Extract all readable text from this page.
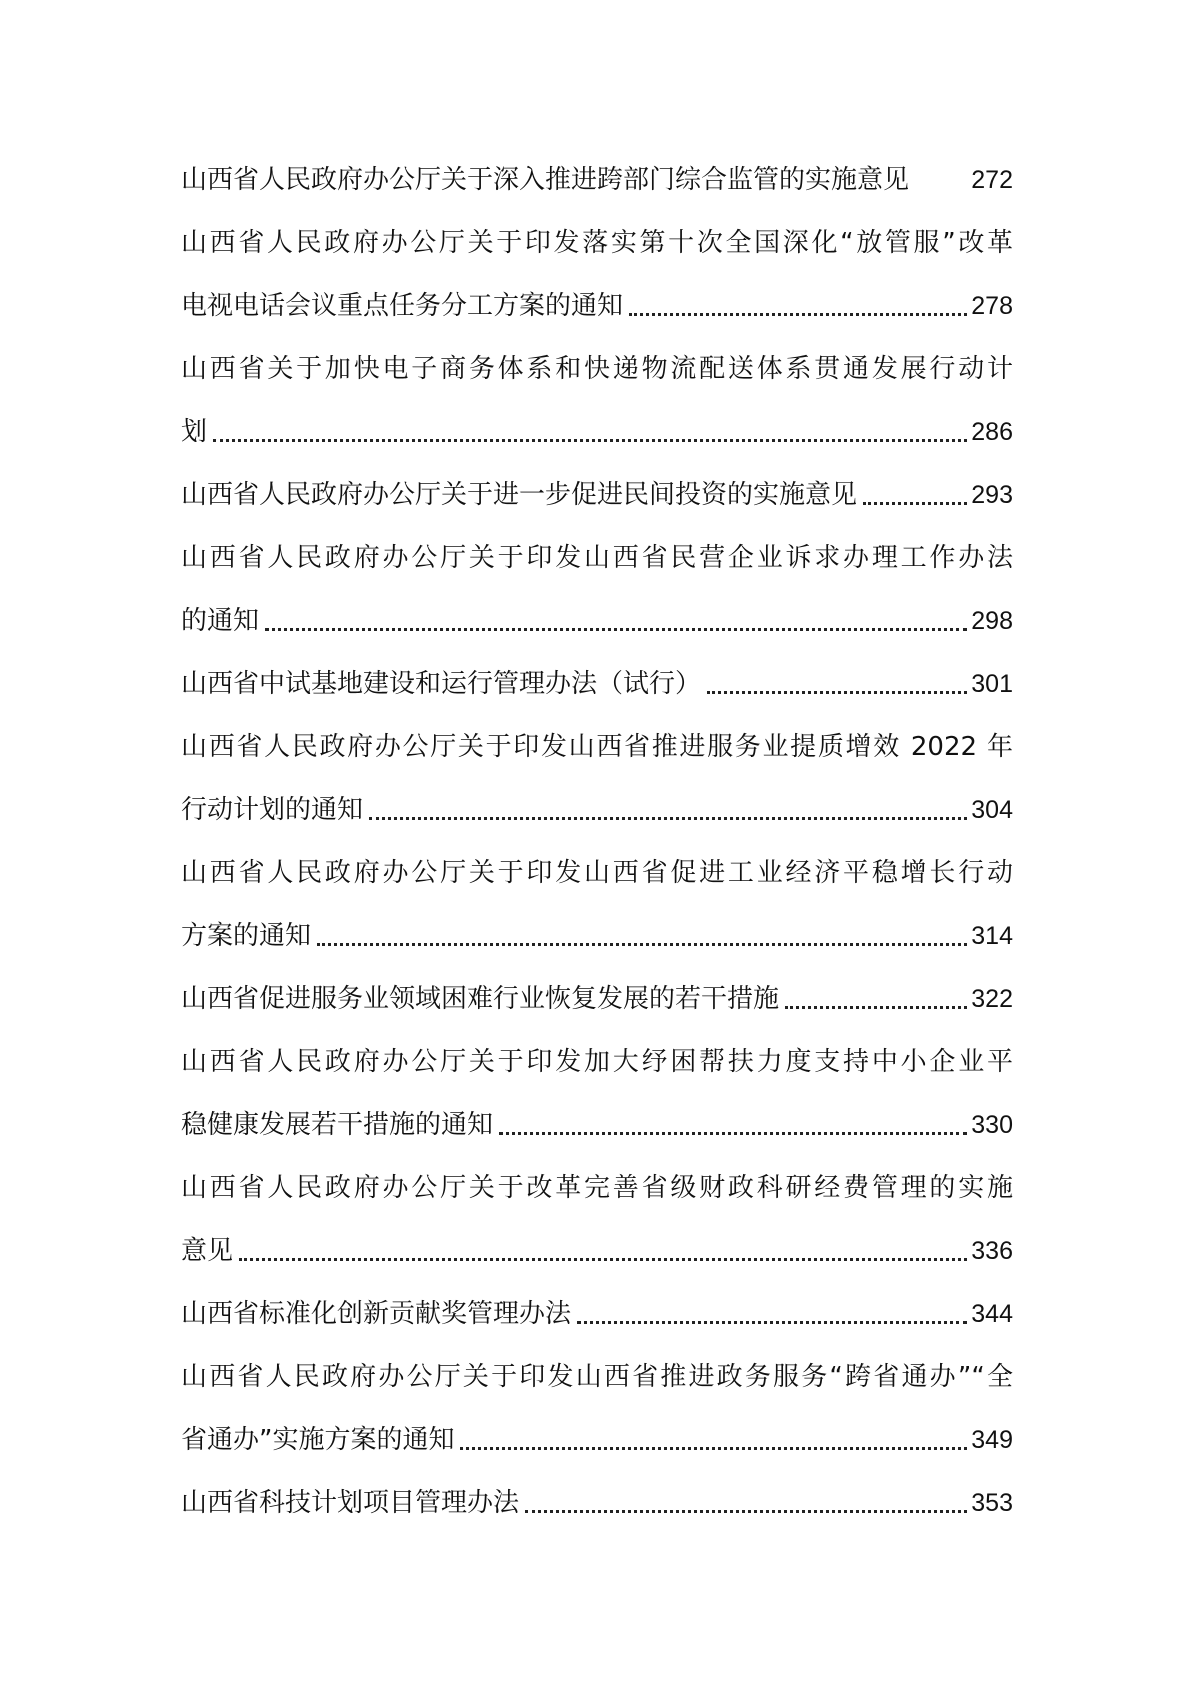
山西省人民政府办公厅关于深入推进跨部门综合监管的实施意见 272
山西省人民政府办公厅关于印发落实第十次全国深化“放管服”改革
电视电话会议重点任务分工方案的通知	278
山西省关于加快电子商务体系和快递物流配送体系贯通发展行动计
划	286
山西省人民政府办公厅关于进一步促进民间投资的实施意见	293
山西省人民政府办公厅关于印发山西省民营企业诉求办理工作办法
的通知	298
山西省中试基地建设和运行管理办法（试行）	301
山西省人民政府办公厅关于印发山西省推进服务业提质增效 2022 年
行动计划的通知	304
山西省人民政府办公厅关于印发山西省促进工业经济平稳增长行动
方案的通知	314
山西省促进服务业领域困难行业恢复发展的若干措施	322
山西省人民政府办公厅关于印发加大纾困帮扶力度支持中小企业平
稳健康发展若干措施的通知	330
山西省人民政府办公厅关于改革完善省级财政科研经费管理的实施
意见	336
山西省标准化创新贡献奖管理办法	344
山西省人民政府办公厅关于印发山西省推进政务服务“跨省通办”“全
省通办”实施方案的通知	349
山西省科技计划项目管理办法	353
